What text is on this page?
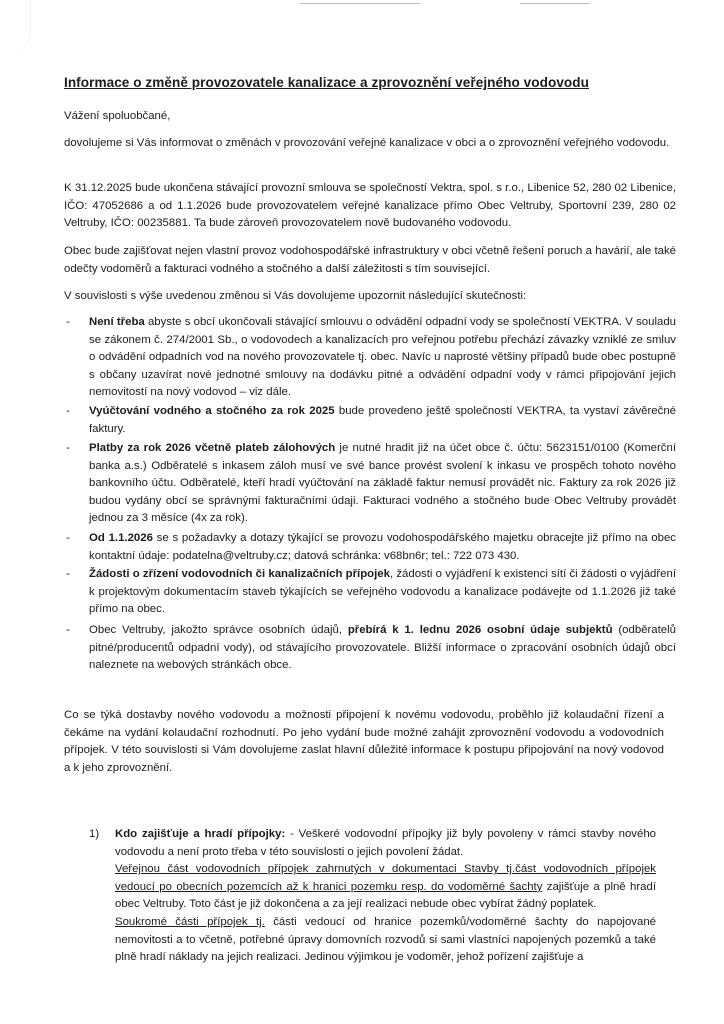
Informace o změně provozovatele kanalizace a zprovoznění veřejného vodovodu

Vážení spoluobčané,

dovolujeme si Vás informovat o změnách v provozování veřejné kanalizace v obci a o zprovoznění veřejného vodovodu.

K 31.12.2025 bude ukončena stávající provozní smlouva se společností Vektra, spol. s r.o., Libenice 52, 280 02 Libenice, IČO: 47052686 a od 1.1.2026 bude provozovatelem veřejné kanalizace přímo Obec Veltruby, Sportovní 239, 280 02 Veltruby, IČO: 00235881. Ta bude zároveň provozovatelem nově budovaného vodovodu.

Obec bude zajišťovat nejen vlastní provoz vodohospodářské infrastruktury v obci včetně řešení poruch a havárií, ale také odečty vodoměrů a fakturaci vodného a stočného a další záležitosti s tím související.

V souvislosti s výše uvedenou změnou si Vás dovolujeme upozornit následující skutečnosti:

- Není třeba abyste s obcí ukončovali stávající smlouvu o odvádění odpadní vody se společností VEKTRA. V souladu se zákonem č. 274/2001 Sb., o vodovodech a kanalizacích pro veřejnou potřebu přechází závazky vzniklé ze smluv o odvádění odpadních vod na nového provozovatele tj. obec. Navíc u naprosté většiny případů bude obec postupně s občany uzavírat nové jednotné smlouvy na dodávku pitné a odvádění odpadní vody v rámci připojování jejich nemovitostí na nový vodovod – viz dále.

- Vyúčtování vodného a stočného za rok 2025 bude provedeno ještě společností VEKTRA, ta vystaví závěrečné faktury.

- Platby za rok 2026 včetně plateb zálohových je nutné hradit již na účet obce č. účtu: 5623151/0100 (Komerční banka a.s.) Odběratelé s inkasem záloh musí ve své bance provést svolení k inkasu ve prospěch tohoto nového bankovního účtu. Odběratelé, kteří hradí vyúčtování na základě faktur nemusí provádět nic. Faktury za rok 2026 již budou vydány obcí se správnými fakturačními údaji. Fakturaci vodného a stočného bude Obec Veltruby provádět jednou za 3 měsíce (4x za rok).

- Od 1.1.2026 se s požadavky a dotazy týkající se provozu vodohospodářského majetku obracejte již přímo na obec kontaktní údaje: podatelna@veltruby.cz; datová schránka: v68bn6r; tel.: 722 073 430.

- Žádosti o zřízení vodovodních či kanalizačních přípojek, žádosti o vyjádření k existenci sítí či žádosti o vyjádření k projektovým dokumentacím staveb týkajících se veřejného vodovodu a kanalizace podávejte od 1.1.2026 již také přímo na obec.

- Obec Veltruby, jakožto správce osobních údajů, přebírá k 1. lednu 2026 osobní údaje subjektů (odběratelů pitné/producentů odpadní vody), od stávajícího provozovatele. Bližší informace o zpracování osobních údajů obcí naleznete na webových stránkách obce.

Co se týká dostavby nového vodovodu a možnosti připojení k novému vodovodu, proběhlo již kolaudační řízení a čekáme na vydání kolaudační rozhodnutí. Po jeho vydání bude možné zahájit zprovoznění vodovodu a vodovodních přípojek. V této souvislosti si Vám dovolujeme zaslat hlavní důležité informace k postupu připojování na nový vodovod a k jeho zprovoznění.

1) Kdo zajišťuje a hradí přípojky: - Veškeré vodovodní přípojky již byly povoleny v rámci stavby nového vodovodu a není proto třeba v této souvislosti o jejich povolení žádat.
Veřejnou část vodovodních přípojek zahrnutých v dokumentaci Stavby tj.část vodovodních přípojek vedoucí po obecních pozemcích až k hranici pozemku resp. do vodoměrné šachty zajišťuje a plně hradí obec Veltruby. Toto část je již dokončena a za její realizaci nebude obec vybírat žádný poplatek.
Soukromé části přípojek tj. části vedoucí od hranice pozemků/vodoměrné šachty do napojované nemovitosti a to včetně, potřebné úpravy domovních rozvodů si sami vlastníci napojených pozemků a také plně hradí náklady na jejich realizaci. Jedinou výjimkou je vodoměr, jehož pořízení zajišťuje a
